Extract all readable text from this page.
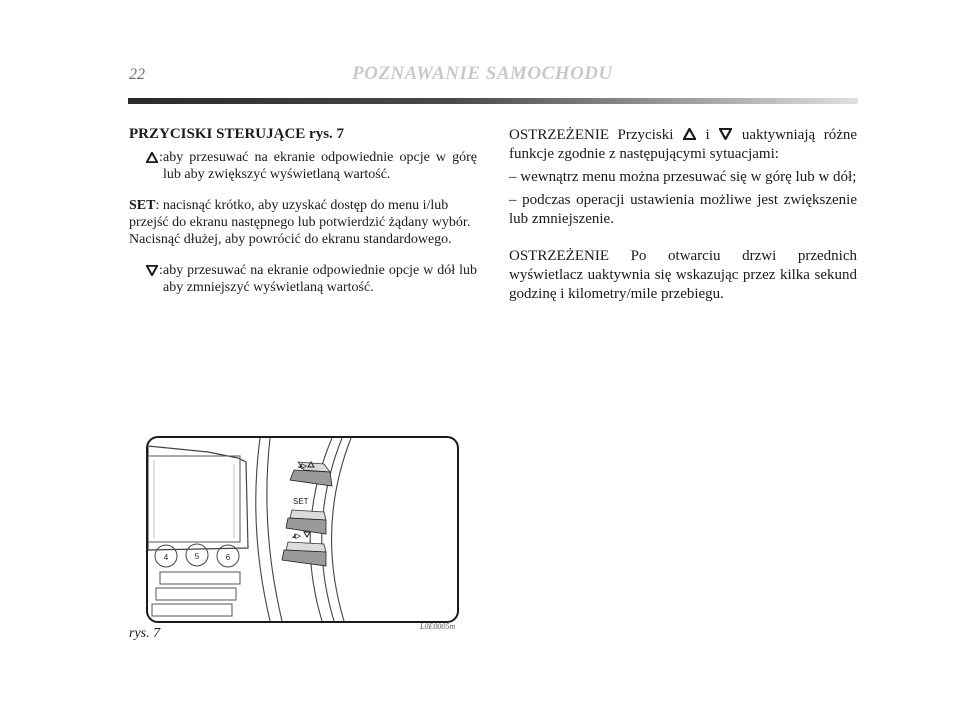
22	POZNAWANIE SAMOCHODU
PRZYCISKI STERUJĄCE rys. 7
: aby przesuwać na ekranie odpowiednie opcje w górę lub aby zwiększyć wyświetlaną wartość.
SET: nacisnąć krótko, aby uzyskać dostęp do menu i/lub przejść do ekranu następnego lub potwierdzić żądany wybór. Nacisnąć dłużej, aby powrócić do ekranu standardowego.
: aby przesuwać na ekranie odpowiednie opcje w dół lub aby zmniejszyć wyświetlaną wartość.

OSTRZEŻENIE Przyciski i uaktywniają różne funkcje zgodnie z następującymi sytuacjami:

– wewnątrz menu można przesuwać się w górę lub w dół;

– podczas operacji ustawienia możliwe jest zwiększenie lub zmniejszenie.

OSTRZEŻENIE Po otwarciu drzwi przednich wyświetlacz uaktywnia się wskazując przez kilka sekund godzinę i kilometry/mile przebiegu.

4	5	6
ⅎ▷
SET
ⅎ▷
rys. 7	L0E0005m
